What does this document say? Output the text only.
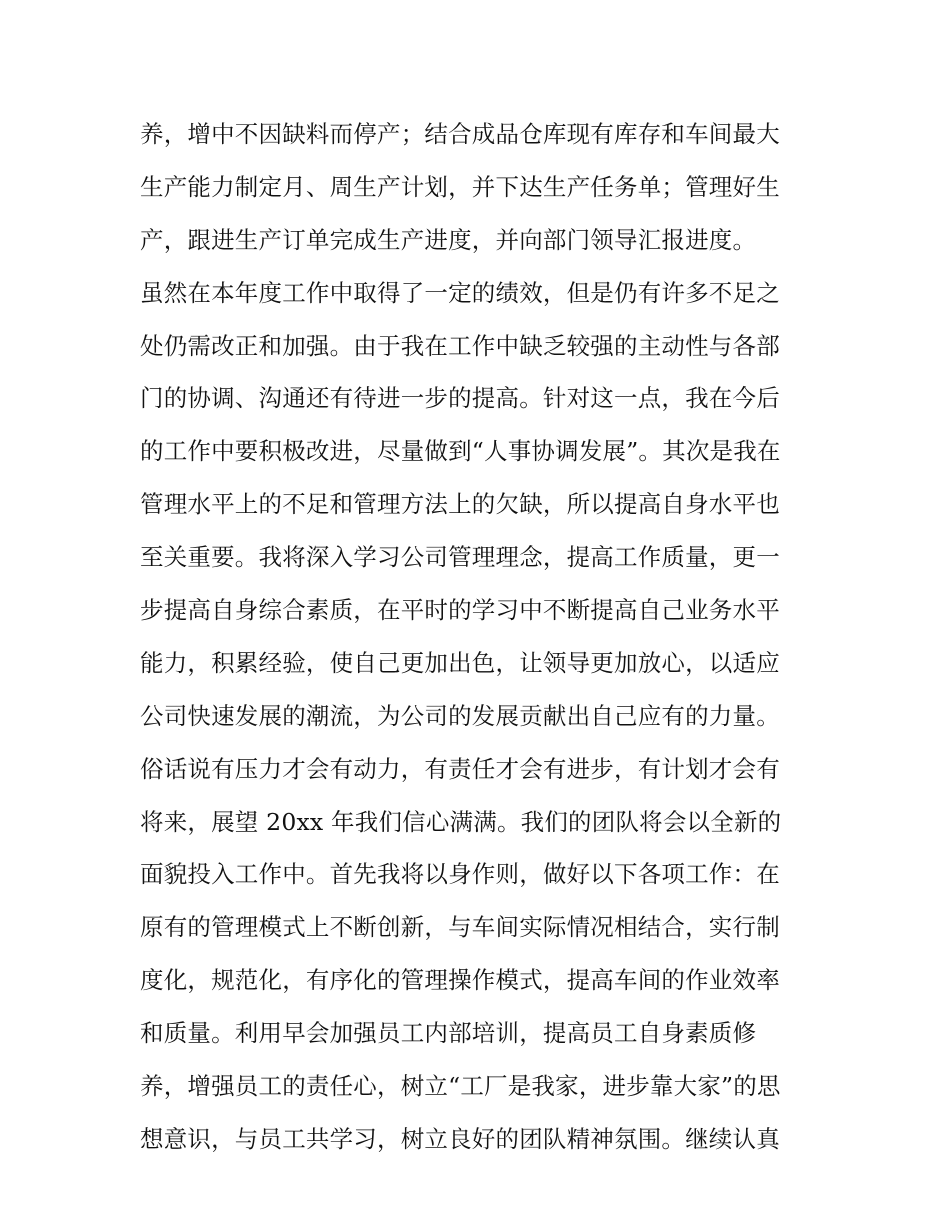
养，增中不因缺料而停产；结合成品仓库现有库存和车间最大
生产能力制定月、周生产计划，并下达生产任务单；管理好生
产，跟进生产订单完成生产进度，并向部门领导汇报进度。
虽然在本年度工作中取得了一定的绩效，但是仍有许多不足之
处仍需改正和加强。由于我在工作中缺乏较强的主动性与各部
门的协调、沟通还有待进一步的提高。针对这一点，我在今后
的工作中要积极改进，尽量做到“人事协调发展”。其次是我在
管理水平上的不足和管理方法上的欠缺，所以提高自身水平也
至关重要。我将深入学习公司管理理念，提高工作质量，更一
步提高自身综合素质，在平时的学习中不断提高自己业务水平
能力，积累经验，使自己更加出色，让领导更加放心，以适应
公司快速发展的潮流，为公司的发展贡献出自己应有的力量。
俗话说有压力才会有动力，有责任才会有进步，有计划才会有
将来，展望 20xx 年我们信心满满。我们的团队将会以全新的
面貌投入工作中。首先我将以身作则，做好以下各项工作：在
原有的管理模式上不断创新，与车间实际情况相结合，实行制
度化，规范化，有序化的管理操作模式，提高车间的作业效率
和质量。利用早会加强员工内部培训，提高员工自身素质修
养，增强员工的责任心，树立“工厂是我家，进步靠大家”的思
想意识，与员工共学习，树立良好的团队精神氛围。继续认真
